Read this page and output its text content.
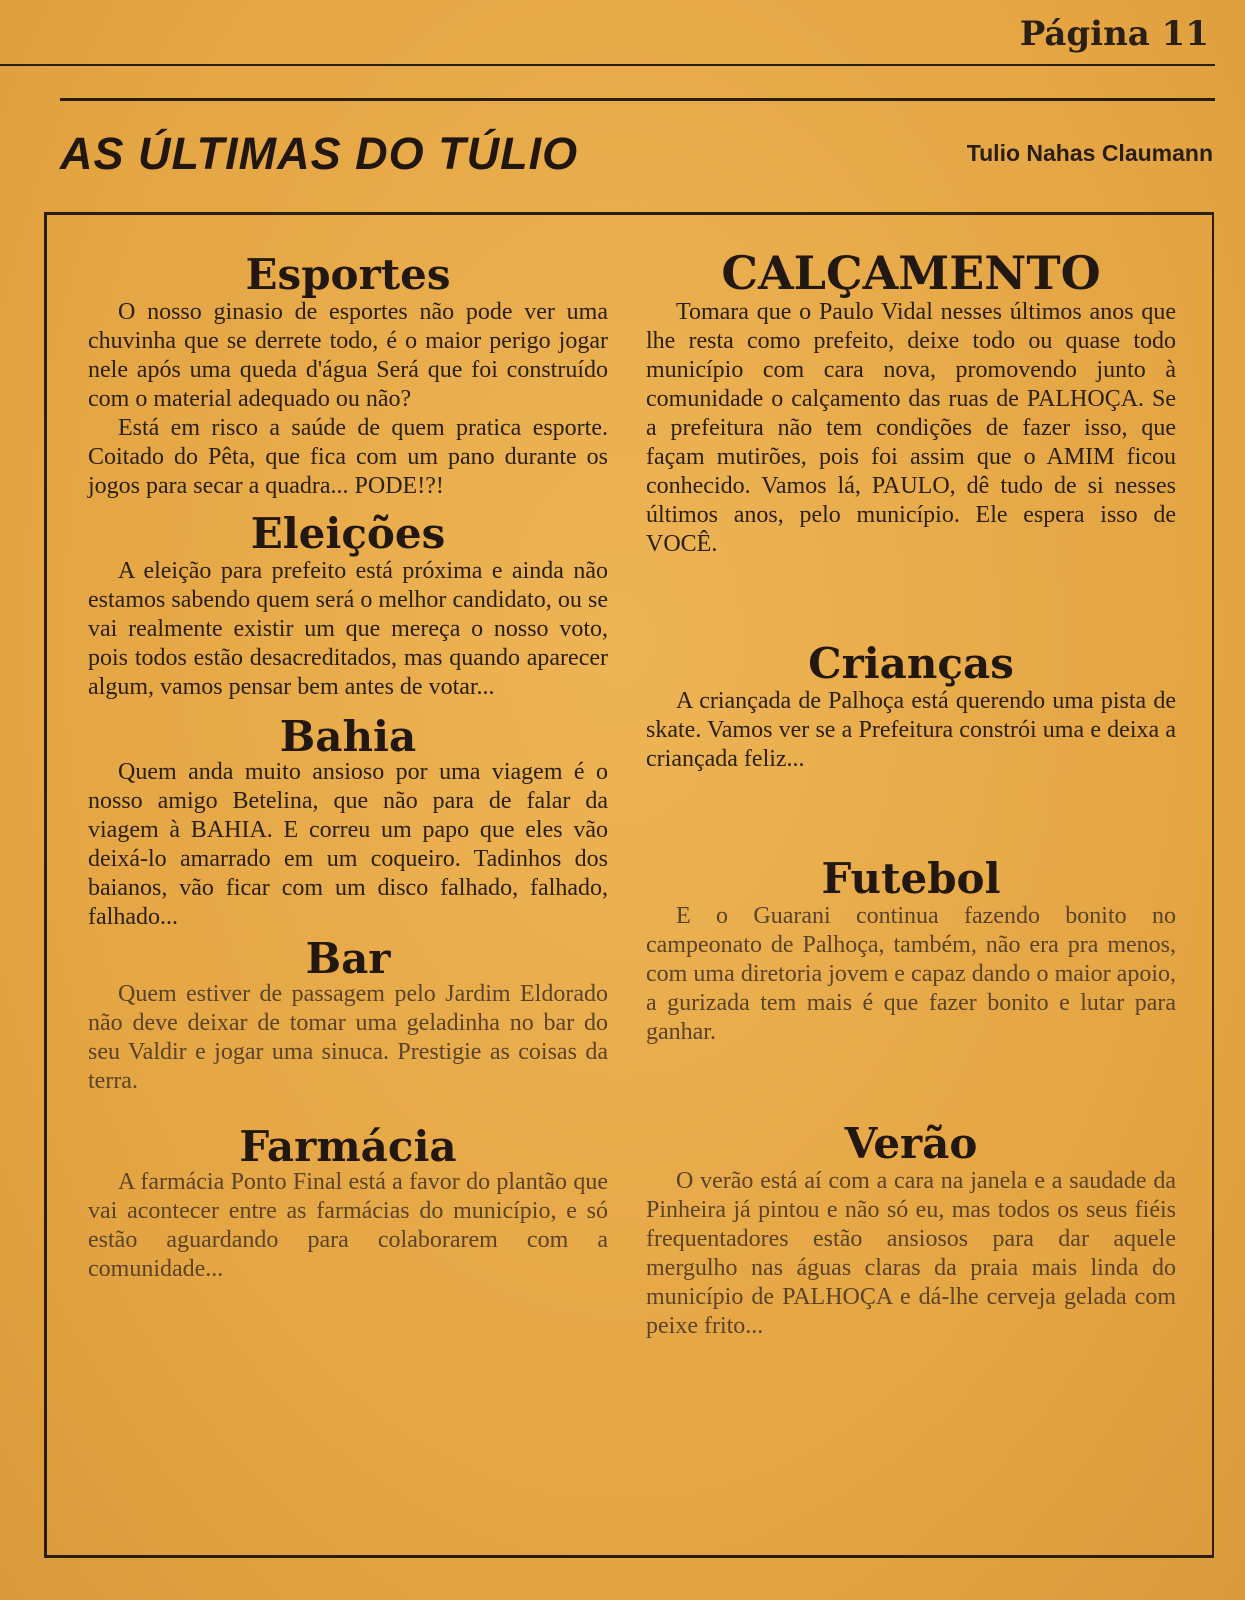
Página 11
AS ÚLTIMAS DO TÚLIO	Tulio Nahas Claumann
Esportes

O nosso ginasio de esportes não pode ver uma chuvinha que se derrete todo, é o maior perigo jogar nele após uma queda d'água Será que foi construído com o material adequado ou não?

Está em risco a saúde de quem pratica esporte. Coitado do Pêta, que fica com um pano durante os jogos para secar a quadra... PODE!?!

Eleições

A eleição para prefeito está próxima e ainda não estamos sabendo quem será o melhor candidato, ou se vai realmente existir um que mereça o nosso voto, pois todos estão desacreditados, mas quando aparecer algum, vamos pensar bem antes de votar...

Bahia

Quem anda muito ansioso por uma viagem é o nosso amigo Betelina, que não para de falar da viagem à BAHIA. E correu um papo que eles vão deixá-lo amarrado em um coqueiro. Tadinhos dos baianos, vão ficar com um disco falhado, falhado, falhado...

Bar

Quem estiver de passagem pelo Jardim Eldorado não deve deixar de tomar uma geladinha no bar do seu Valdir e jogar uma sinuca. Prestigie as coisas da terra.

Farmácia

A farmácia Ponto Final está a favor do plantão que vai acontecer entre as farmácias do município, e só estão aguardando para colaborarem com a comunidade...

CALÇAMENTO

Tomara que o Paulo Vidal nesses últimos anos que lhe resta como prefeito, deixe todo ou quase todo município com cara nova, promovendo junto à comunidade o calçamento das ruas de PALHOÇA. Se a prefeitura não tem condições de fazer isso, que façam mutirões, pois foi assim que o AMIM ficou conhecido. Vamos lá, PAULO, dê tudo de si nesses últimos anos, pelo município. Ele espera isso de VOCÊ.

Crianças

A criançada de Palhoça está querendo uma pista de skate. Vamos ver se a Prefeitura constrói uma e deixa a criançada feliz...

Futebol

E o Guarani continua fazendo bonito no campeonato de Palhoça, também, não era pra menos, com uma diretoria jovem e capaz dando o maior apoio, a gurizada tem mais é que fazer bonito e lutar para ganhar.

Verão

O verão está aí com a cara na janela e a saudade da Pinheira já pintou e não só eu, mas todos os seus fiéis frequentadores estão ansiosos para dar aquele mergulho nas águas claras da praia mais linda do município de PALHOÇA e dá-lhe cerveja gelada com peixe frito...
